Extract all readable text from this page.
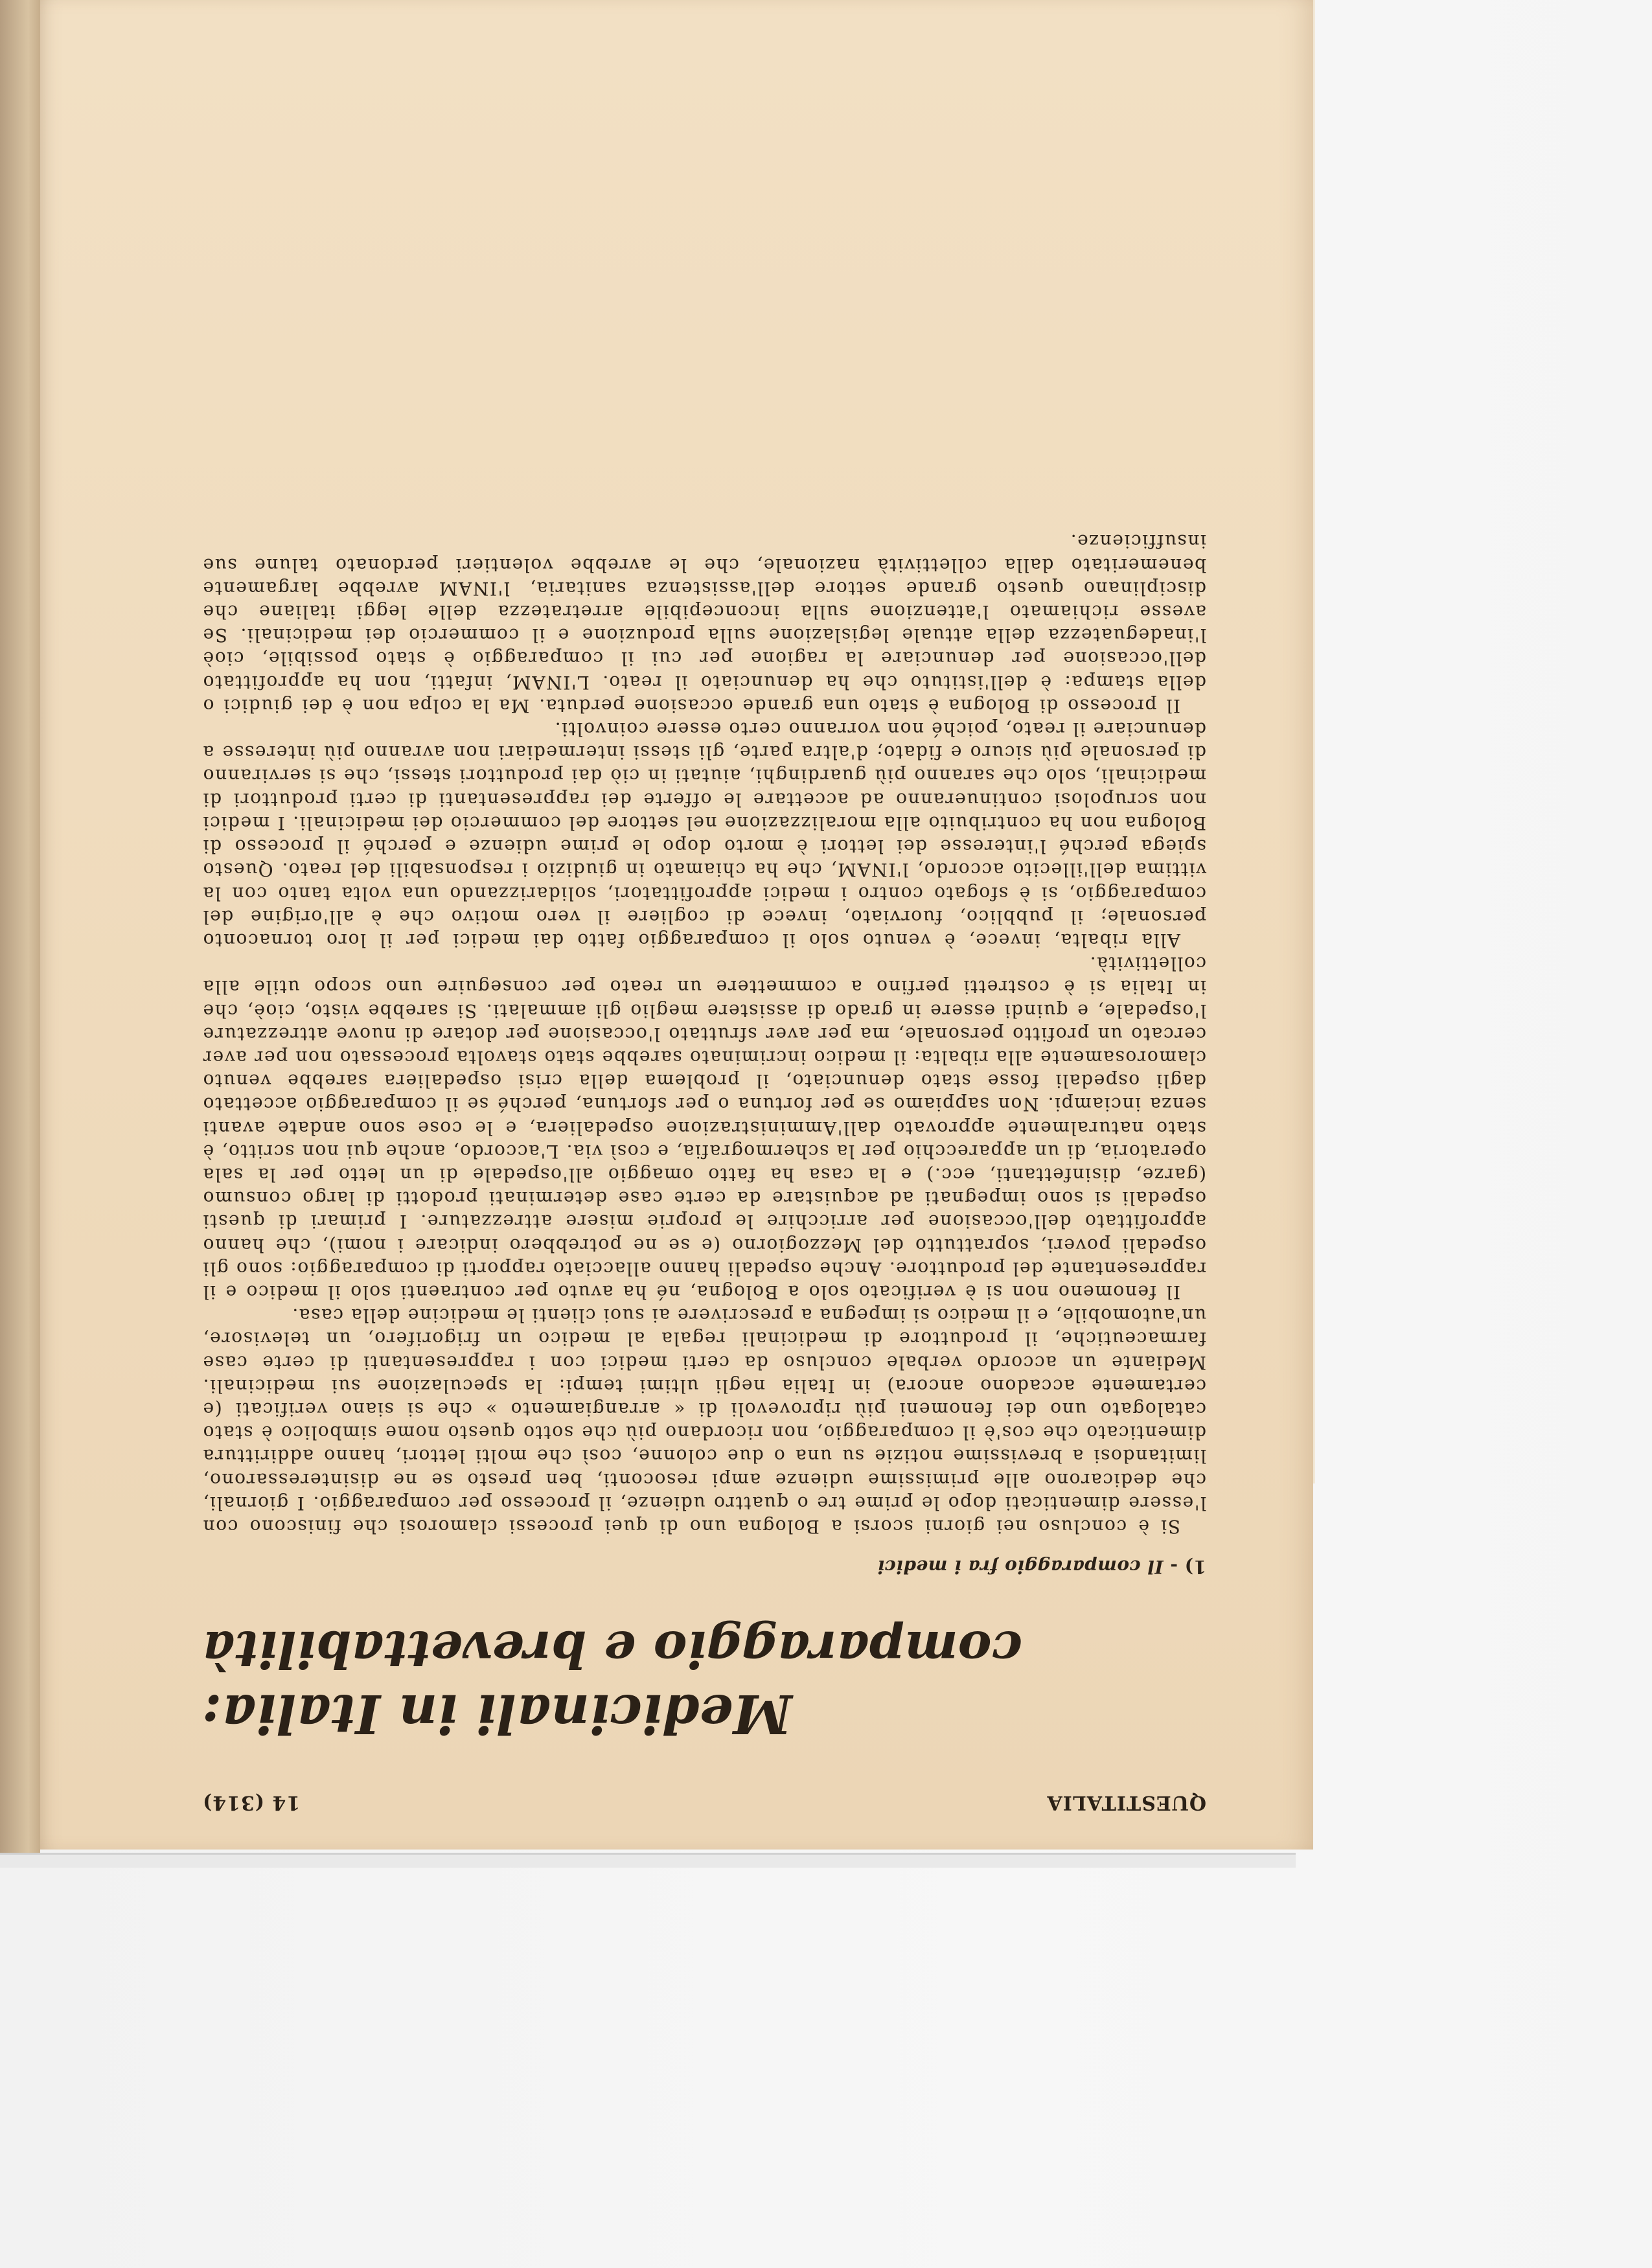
QUESTITALIA
14 (314)
Medicinali in Italia:
comparaggio e brevettabilità
1) - Il comparaggio fra i medici

Si è concluso nei giorni scorsi a Bologna uno di quei processi clamorosi che finiscono con l'essere dimenticati dopo le prime tre o quattro udienze, il processo per comparaggio. I giornali, che dedicarono alle primissime udienze ampi resoconti, ben presto se ne disinteressarono, limitandosi a brevissime notizie su una o due colonne, così che molti lettori, hanno addirittura dimenticato che cos'è il comparaggio, non ricordano più che sotto questo nome simbolico è stato catalogato uno dei fenomeni più riprovevoli di « arrangiamento » che si siano verificati (e certamente accadono ancora) in Italia negli ultimi tempi: la speculazione sui medicinali. Mediante un accordo verbale concluso da certi medici con i rappresentanti di certe case farmaceutiche, il produttore di medicinali regala al medico un frigorifero, un televisore, un'automobile, e il medico si impegna a prescrivere ai suoi clienti le medicine della casa.

Il fenomeno non si è verificato solo a Bologna, né ha avuto per contraenti solo il medico e il rappresentante del produttore. Anche ospedali hanno allacciato rapporti di comparaggio: sono gli ospedali poveri, soprattutto del Mezzogiorno (e se ne potrebbero indicare i nomi), che hanno approfittato dell'occasione per arricchire le proprie misere attrezzature. I primari di questi ospedali si sono impegnati ad acquistare da certe case determinati prodotti di largo consumo (garze, disinfettanti, ecc.) e la casa ha fatto omaggio all'ospedale di un letto per la sala operatoria, di un apparecchio per la schermografia, e così via. L'accordo, anche qui non scritto, è stato naturalmente approvato dall'Amministrazione ospedaliera, e le cose sono andate avanti senza inciampi. Non sappiamo se per fortuna o per sfortuna, perché se il comparaggio accettato dagli ospedali fosse stato denunciato, il problema della crisi ospedaliera sarebbe venuto clamorosamente alla ribalta: il medico incriminato sarebbe stato stavolta processato non per aver cercato un profitto personale, ma per aver sfruttato l'occasione per dotare di nuove attrezzature l'ospedale, e quindi essere in grado di assistere meglio gli ammalati. Si sarebbe visto, cioè, che in Italia si è costretti perfino a commettere un reato per conseguire uno scopo utile alla collettività.

Alla ribalta, invece, è venuto solo il comparaggio fatto dai medici per il loro tornaconto personale; il pubblico, fuorviato, invece di cogliere il vero motivo che è all'origine del comparaggio, si è sfogato contro i medici approfittatori, solidarizzando una volta tanto con la vittima dell'illecito accordo, l'INAM, che ha chiamato in giudizio i responsabili del reato. Questo spiega perché l'interesse dei lettori è morto dopo le prime udienze e perché il processo di Bologna non ha contribuito alla moralizzazione nel settore del commercio dei medicinali. I medici non scrupolosi continueranno ad accettare le offerte dei rappresentanti di certi produttori di medicinali, solo che saranno più guardinghi, aiutati in ciò dai produttori stessi, che si serviranno di personale più sicuro e fidato; d'altra parte, gli stessi intermediari non avranno più interesse a denunciare il reato, poiché non vorranno certo essere coinvolti.

Il processo di Bologna è stato una grande occasione perduta. Ma la colpa non è dei giudici o della stampa: è dell'istituto che ha denunciato il reato. L'INAM, infatti, non ha approfittato dell'occasione per denunciare la ragione per cui il comparaggio è stato possibile, cioè l'inadeguatezza della attuale legislazione sulla produzione e il commercio dei medicinali. Se avesse richiamato l'attenzione sulla inconcepibile arretratezza delle leggi italiane che disciplinano questo grande settore dell'assistenza sanitaria, l'INAM avrebbe largamente benemeritato dalla collettività nazionale, che le avrebbe volentieri perdonato talune sue insufficienze.
